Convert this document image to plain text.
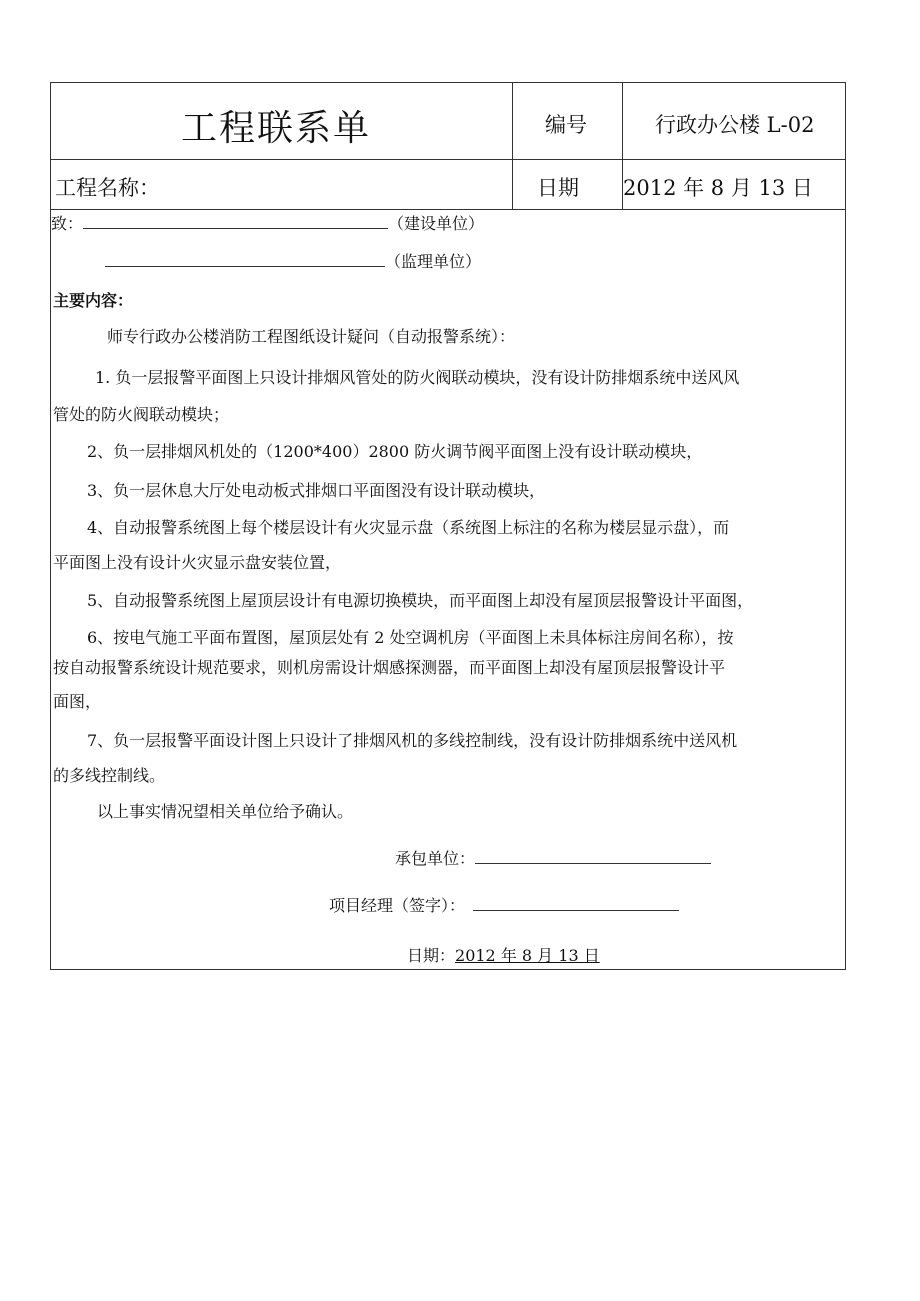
工程联系单	编号	行政办公楼 L-02
工程名称：	日期 2012 年 8 月 13 日
致：	（建设单位）
（监理单位）
主要内容：
师专行政办公楼消防工程图纸设计疑问（自动报警系统）：
1. 负一层报警平面图上只设计排烟风管处的防火阀联动模块，没有设计防排烟系统中送风风
管处的防火阀联动模块；
2、负一层排烟风机处的（1200*400）2800 防火调节阀平面图上没有设计联动模块，
3、负一层休息大厅处电动板式排烟口平面图没有设计联动模块，
4、自动报警系统图上每个楼层设计有火灾显示盘（系统图上标注的名称为楼层显示盘），而
平面图上没有设计火灾显示盘安装位置，
5、自动报警系统图上屋顶层设计有电源切换模块，而平面图上却没有屋顶层报警设计平面图，
6、按电气施工平面布置图，屋顶层处有 2 处空调机房（平面图上未具体标注房间名称），按
按自动报警系统设计规范要求，则机房需设计烟感探测器，而平面图上却没有屋顶层报警设计平
面图，
7、负一层报警平面设计图上只设计了排烟风机的多线控制线，没有设计防排烟系统中送风机
的多线控制线。
以上事实情况望相关单位给予确认。
承包单位：
项目经理（签字）：
日期：2012 年 8 月 13 日
